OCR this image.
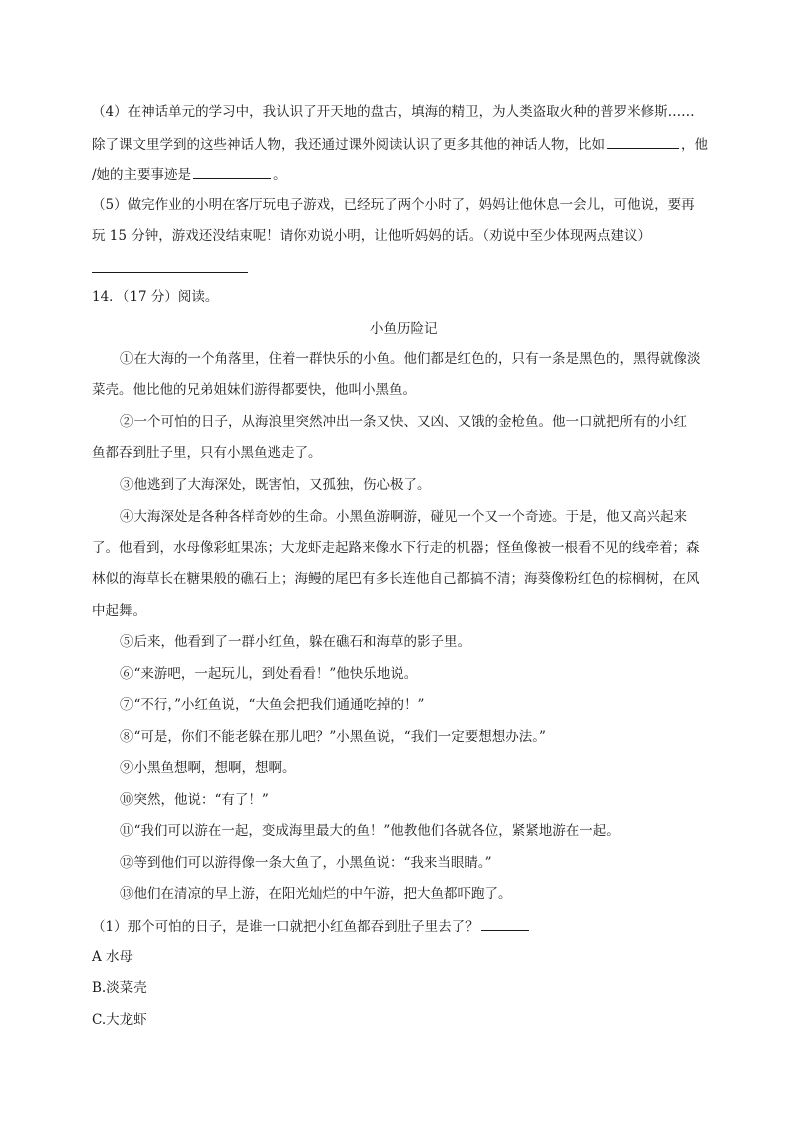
（4）在神话单元的学习中，我认识了开天地的盘古，填海的精卫，为人类盗取火种的普罗米修斯……
除了课文里学到的这些神话人物，我还通过课外阅读认识了更多其他的神话人物，比如	，他
/她的主要事迹是	。
（5）做完作业的小明在客厅玩电子游戏，已经玩了两个小时了，妈妈让他休息一会儿，可他说，要再
玩 15 分钟，游戏还没结束呢！请你劝说小明，让他听妈妈的话。（劝说中至少体现两点建议）
14．（17 分）阅读。
小鱼历险记
①在大海的一个角落里，住着一群快乐的小鱼。他们都是红色的，只有一条是黑色的，黑得就像淡
菜壳。他比他的兄弟姐妹们游得都要快，他叫小黑鱼。
②一个可怕的日子，从海浪里突然冲出一条又快、又凶、又饿的金枪鱼。他一口就把所有的小红
鱼都吞到肚子里，只有小黑鱼逃走了。
③他逃到了大海深处，既害怕，又孤独，伤心极了。
④大海深处是各种各样奇妙的生命。小黑鱼游啊游，碰见一个又一个奇迹。于是，他又高兴起来
了。他看到，水母像彩虹果冻；大龙虾走起路来像水下行走的机器；怪鱼像被一根看不见的线牵着；森
林似的海草长在糖果般的礁石上；海鳗的尾巴有多长连他自己都搞不清；海葵像粉红色的棕榈树，在风
中起舞。
⑤后来，他看到了一群小红鱼，躲在礁石和海草的影子里。
⑥“来游吧，一起玩儿，到处看看！”他快乐地说。
⑦“不行，”小红鱼说，“大鱼会把我们通通吃掉的！”
⑧“可是，你们不能老躲在那儿吧？”小黑鱼说，“我们一定要想想办法。”
⑨小黑鱼想啊，想啊，想啊。
⑩突然，他说：“有了！”
⑪“我们可以游在一起，变成海里最大的鱼！”他教他们各就各位，紧紧地游在一起。
⑫等到他们可以游得像一条大鱼了，小黑鱼说：“我来当眼睛。”
⑬他们在清凉的早上游，在阳光灿烂的中午游，把大鱼都吓跑了。
（1）那个可怕的日子，是谁一口就把小红鱼都吞到肚子里去了？
A 水母
B.淡菜壳
C.大龙虾
